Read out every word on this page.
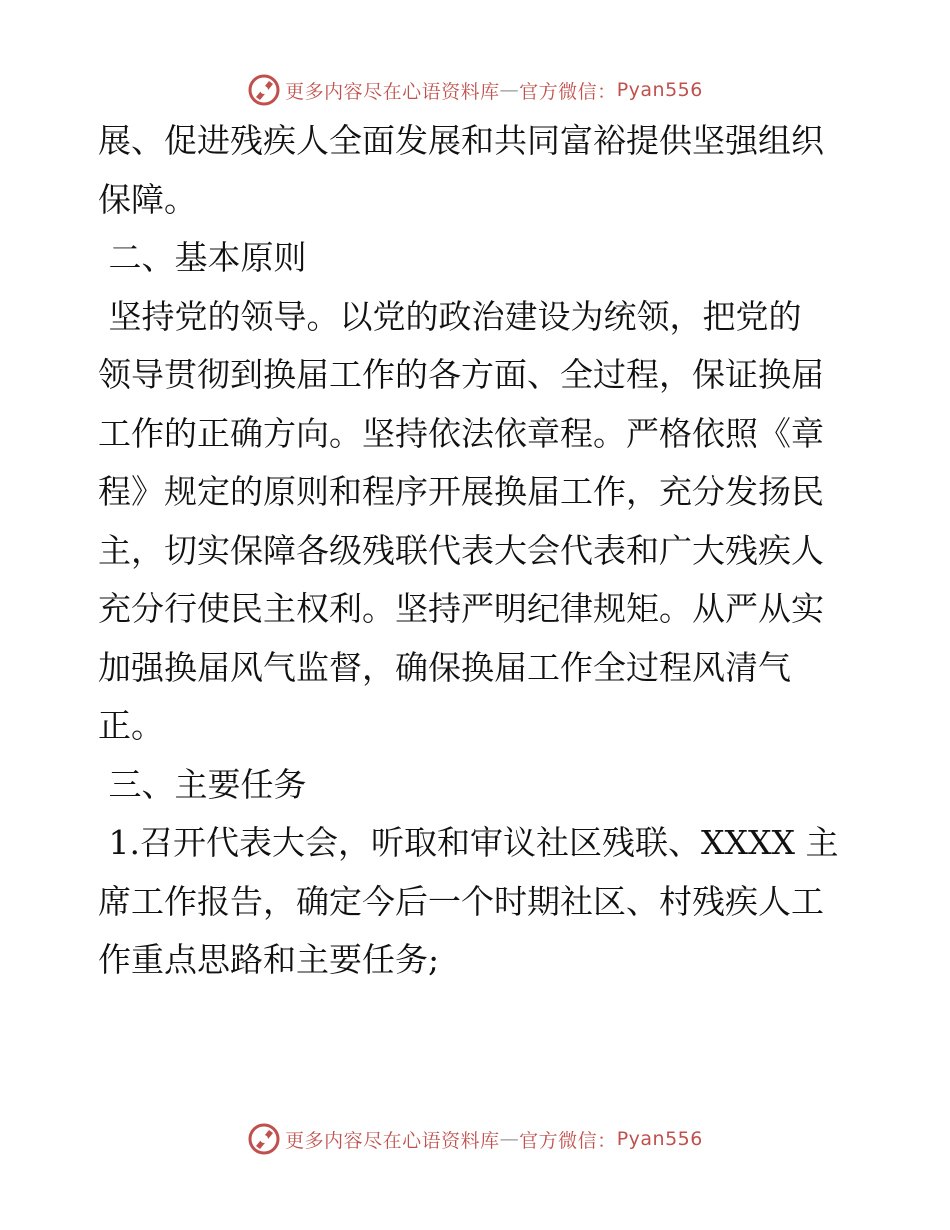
更多内容尽在心语资料库 — 官方微信： Pyan556
展、促进残疾人全面发展和共同富裕提供坚强组织
保障。
二、基本原则
坚持党的领导。以党的政治建设为统领，把党的
领导贯彻到换届工作的各方面、全过程，保证换届
工作的正确方向。坚持依法依章程。严格依照《章
程》规定的原则和程序开展换届工作，充分发扬民
主，切实保障各级残联代表大会代表和广大残疾人
充分行使民主权利。坚持严明纪律规矩。从严从实
加强换届风气监督，确保换届工作全过程风清气
正。
三、主要任务
1.召开代表大会，听取和审议社区残联、XXXX 主
席工作报告，确定今后一个时期社区、村残疾人工
作重点思路和主要任务;
更多内容尽在心语资料库 — 官方微信： Pyan556
